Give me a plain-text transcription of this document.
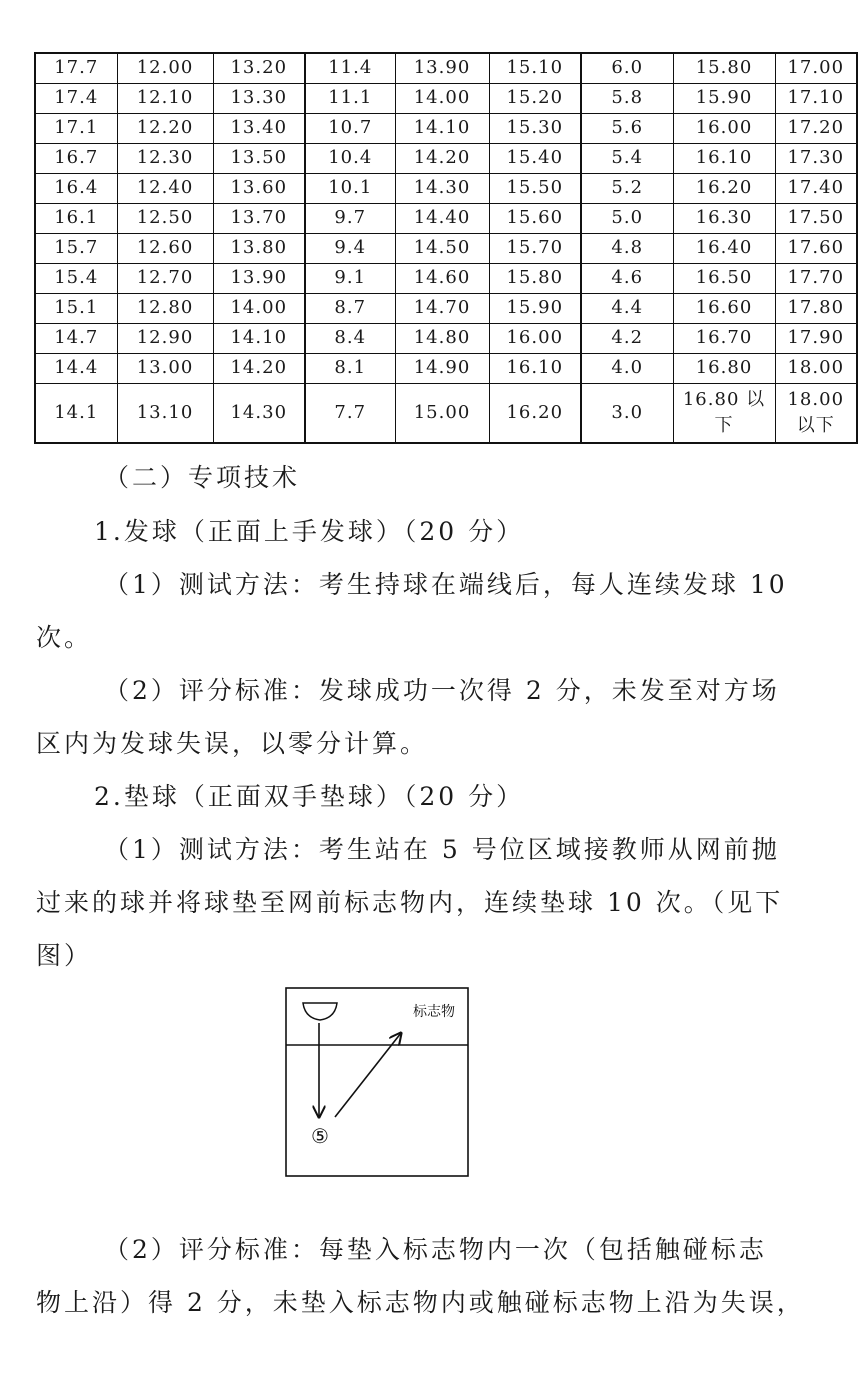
17.7	12.00	13.20	11.4	13.90	15.10	6.0	15.80	17.00
17.4	12.10	13.30	11.1	14.00	15.20	5.8	15.90	17.10
17.1	12.20	13.40	10.7	14.10	15.30	5.6	16.00	17.20
16.7	12.30	13.50	10.4	14.20	15.40	5.4	16.10	17.30
16.4	12.40	13.60	10.1	14.30	15.50	5.2	16.20	17.40
16.1	12.50	13.70	9.7	14.40	15.60	5.0	16.30	17.50
15.7	12.60	13.80	9.4	14.50	15.70	4.8	16.40	17.60
15.4	12.70	13.90	9.1	14.60	15.80	4.6	16.50	17.70
15.1	12.80	14.00	8.7	14.70	15.90	4.4	16.60	17.80
14.7	12.90	14.10	8.4	14.80	16.00	4.2	16.70	17.90
14.4	13.00	14.20	8.1	14.90	16.10	4.0	16.80	18.00
14.1	13.10	14.30	7.7	15.00	16.20	3.0	16.80 以下	18.00 以下

（二）专项技术

1.发球（正面上手发球）（20 分）

（1）测试方法：考生持球在端线后，每人连续发球 10

次。

（2）评分标准：发球成功一次得 2 分，未发至对方场

区内为发球失误，以零分计算。

2.垫球（正面双手垫球）（20 分）

（1）测试方法：考生站在 5 号位区域接教师从网前抛

过来的球并将球垫至网前标志物内，连续垫球 10 次。（见下

图）

标志物
⑤

（2）评分标准：每垫入标志物内一次（包括触碰标志

物上沿）得 2 分，未垫入标志物内或触碰标志物上沿为失误，
